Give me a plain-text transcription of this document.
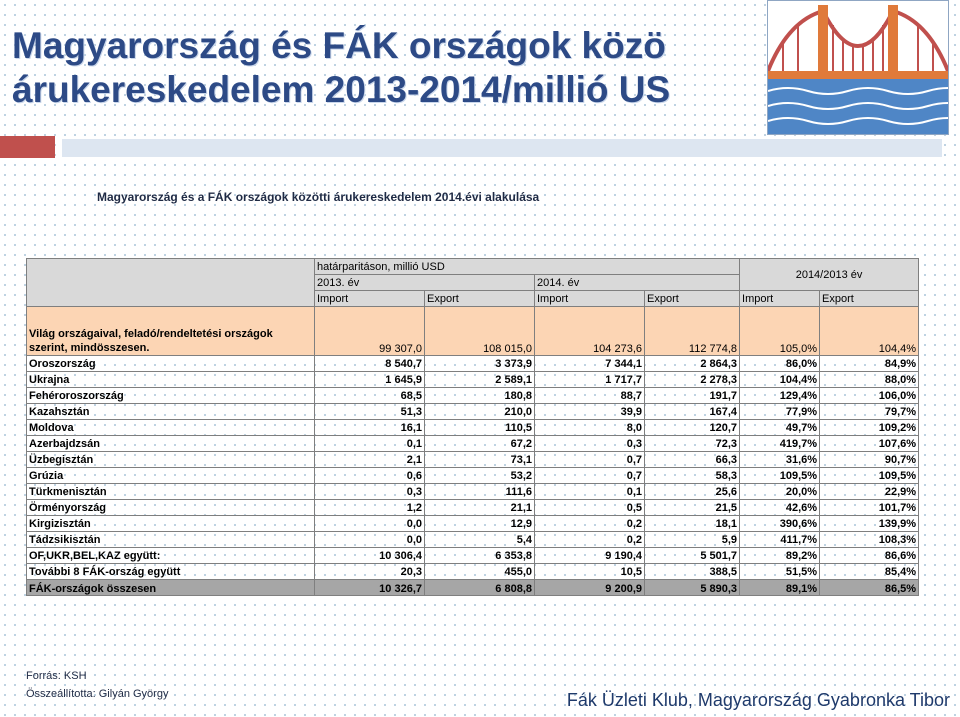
Magyarország és FÁK országok közö
árukereskedelem 2013-2014/millió US
Magyarország és a FÁK országok közötti árukereskedelem 2014.évi alakulása
	határparitáson, millió USD				2014/2013 év	
	2013. év		2014. év			
	Import	Export	Import	Export	Import	Export
Világ országaival, feladó/rendeltetési országok szerint, mindösszesen.	99 307,0	108 015,0	104 273,6	112 774,8	105,0%	104,4%
Oroszország	8 540,7	3 373,9	7 344,1	2 864,3	86,0%	84,9%
Ukrajna	1 645,9	2 589,1	1 717,7	2 278,3	104,4%	88,0%
Fehéroroszország	68,5	180,8	88,7	191,7	129,4%	106,0%
Kazahsztán	51,3	210,0	39,9	167,4	77,9%	79,7%
Moldova	16,1	110,5	8,0	120,7	49,7%	109,2%
Azerbajdzsán	0,1	67,2	0,3	72,3	419,7%	107,6%
Üzbegisztán	2,1	73,1	0,7	66,3	31,6%	90,7%
Grúzia	0,6	53,2	0,7	58,3	109,5%	109,5%
Türkmenisztán	0,3	111,6	0,1	25,6	20,0%	22,9%
Örményország	1,2	21,1	0,5	21,5	42,6%	101,7%
Kirgizisztán	0,0	12,9	0,2	18,1	390,6%	139,9%
Tádzsikisztán	0,0	5,4	0,2	5,9	411,7%	108,3%
OF,UKR,BEL,KAZ együtt:	10 306,4	6 353,8	9 190,4	5 501,7	89,2%	86,6%
További 8 FÁK-ország együtt	20,3	455,0	10,5	388,5	51,5%	85,4%
FÁK-országok összesen	10 326,7	6 808,8	9 200,9	5 890,3	89,1%	86,5%
Forrás: KSH
Összeállította: Gilyán György	Fák Üzleti Klub, Magyarország Gyabronka Tibor
